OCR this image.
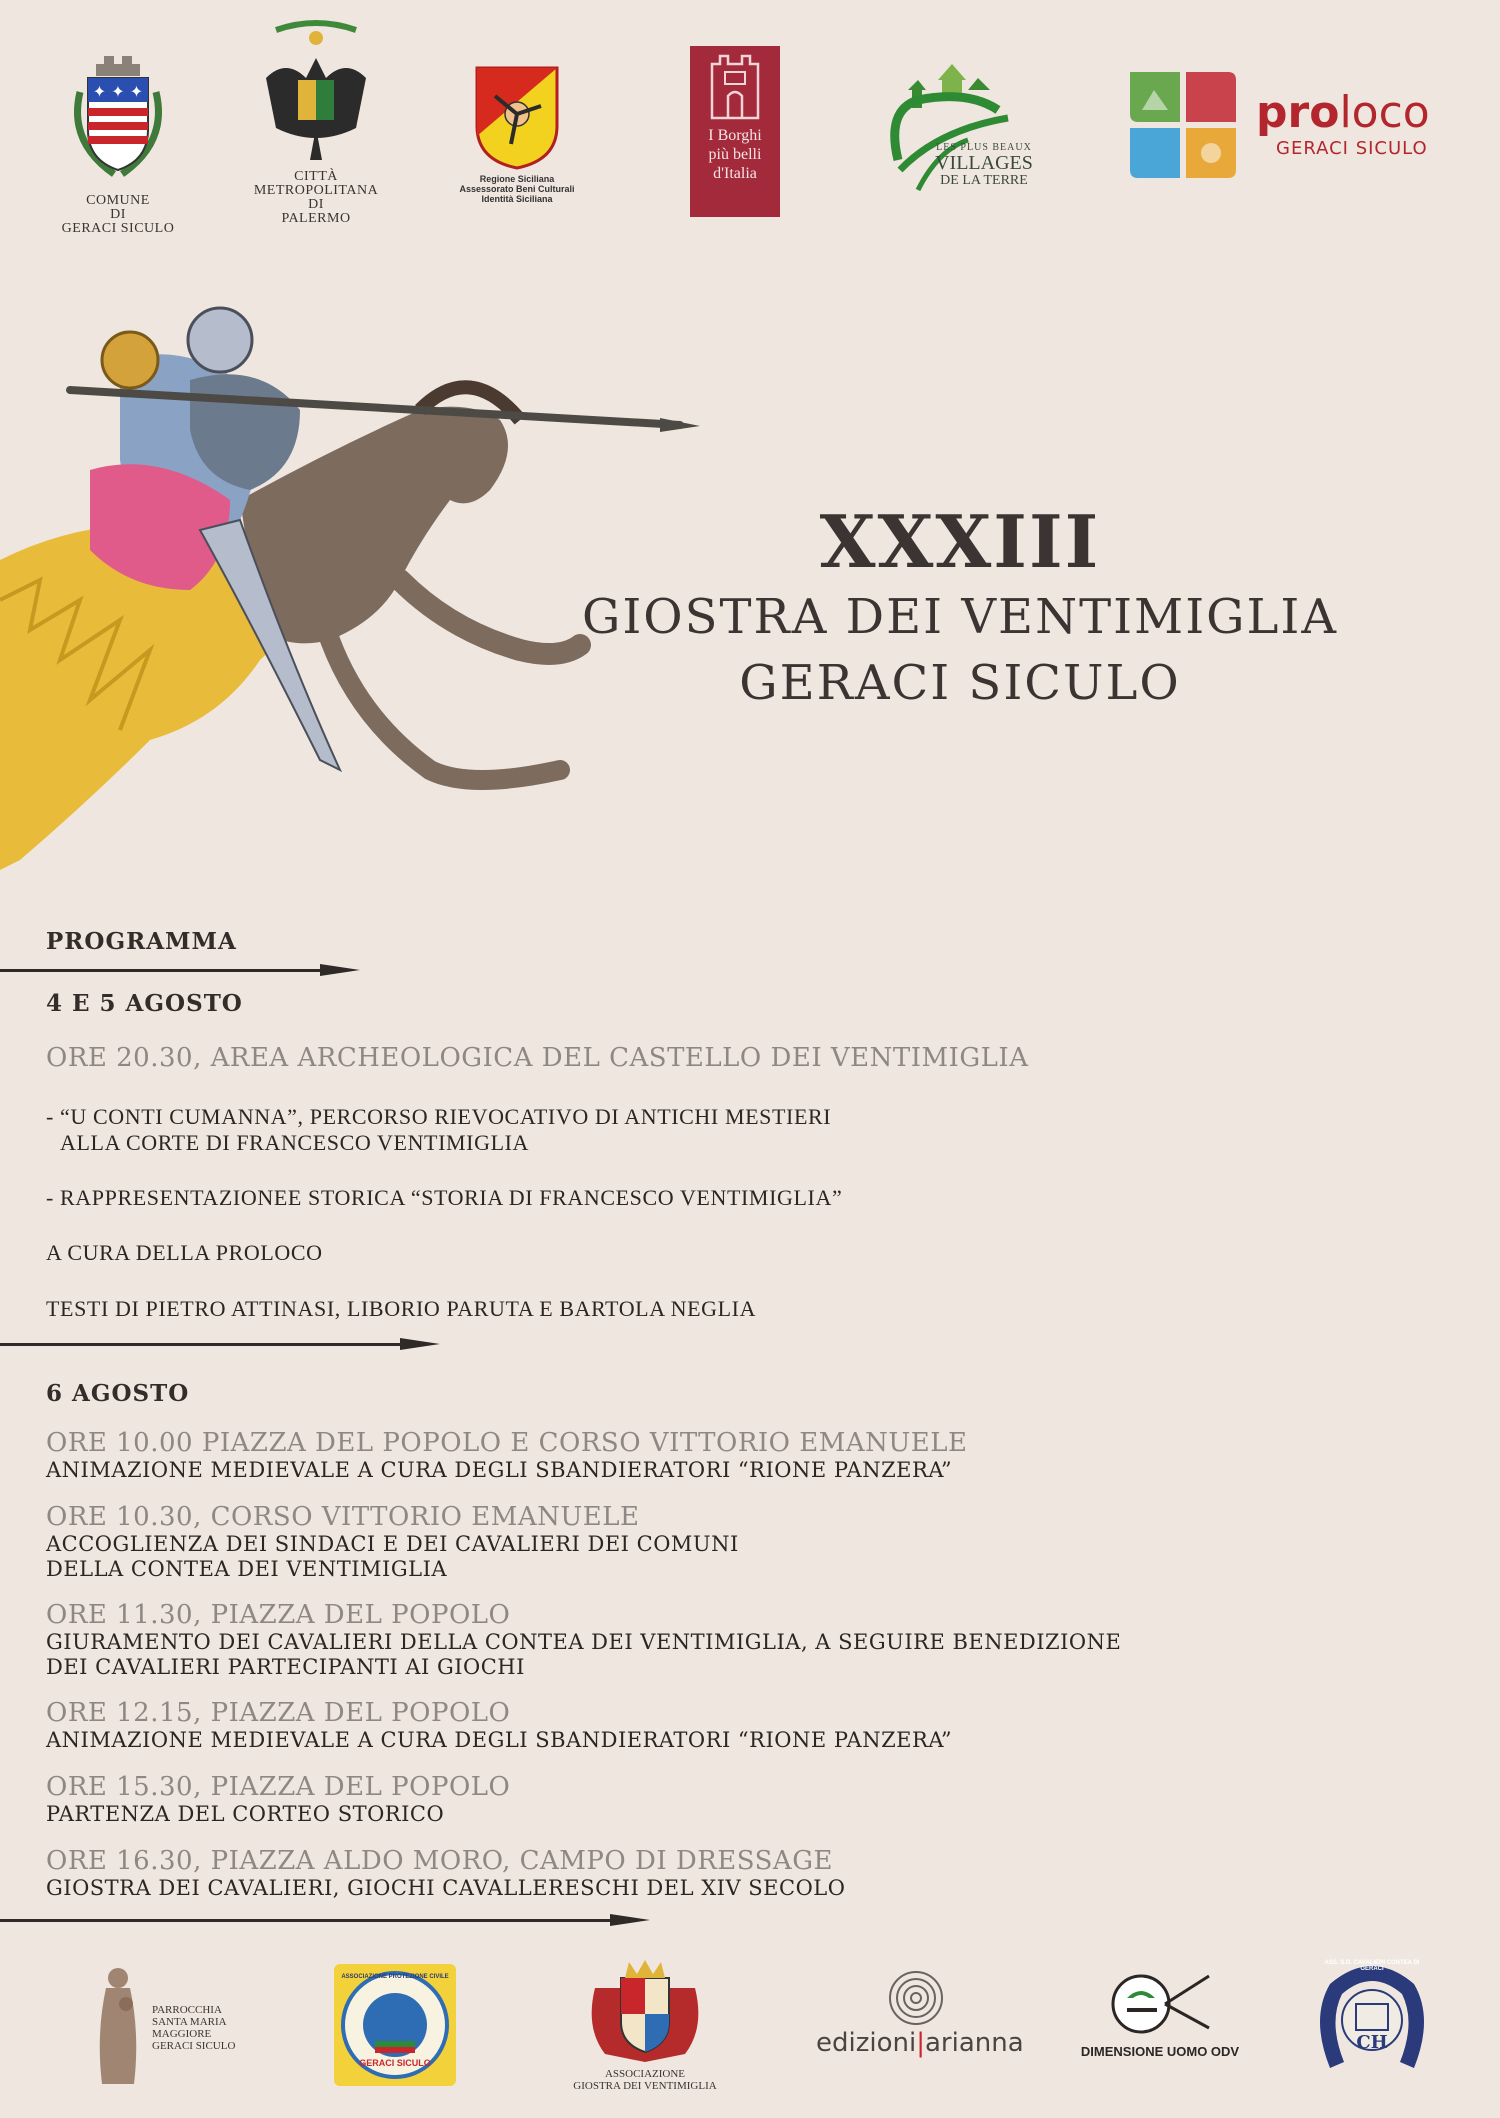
✦ ✦ ✦
COMUNE
DI
GERACI SICULO
CITTÀ
METROPOLITANA
DI
PALERMO
Regione Siciliana
Assessorato Beni Culturali
Identità Siciliana
I Borghi
più belli
d'Italia
LES PLUS BEAUX
VILLAGES
DE LA TERRE
proloco
GERACI SICULO
XXXIII
GIOSTRA DEI VENTIMIGLIA
GERACI SICULO
PROGRAMMA
4 E 5 AGOSTO
ORE 20.30, AREA ARCHEOLOGICA DEL CASTELLO DEI VENTIMIGLIA
- “U CONTI CUMANNA”, PERCORSO RIEVOCATIVO DI ANTICHI MESTIERI
ALLA CORTE DI FRANCESCO VENTIMIGLIA
- RAPPRESENTAZIONEE STORICA “STORIA DI FRANCESCO VENTIMIGLIA”
A CURA DELLA PROLOCO
TESTI DI PIETRO ATTINASI, LIBORIO PARUTA E BARTOLA NEGLIA
6 AGOSTO
ORE 10.00 PIAZZA DEL POPOLO E CORSO VITTORIO EMANUELE
ANIMAZIONE MEDIEVALE A CURA DEGLI SBANDIERATORI “RIONE PANZERA”
ORE 10.30, CORSO VITTORIO EMANUELE
ACCOGLIENZA DEI SINDACI E DEI CAVALIERI DEI COMUNI
DELLA CONTEA DEI VENTIMIGLIA
ORE 11.30, PIAZZA DEL POPOLO
GIURAMENTO DEI CAVALIERI DELLA CONTEA DEI VENTIMIGLIA, A SEGUIRE BENEDIZIONE
DEI CAVALIERI PARTECIPANTI AI GIOCHI
ORE 12.15, PIAZZA DEL POPOLO
ANIMAZIONE MEDIEVALE A CURA DEGLI SBANDIERATORI “RIONE PANZERA”
ORE 15.30, PIAZZA DEL POPOLO
PARTENZA DEL CORTEO STORICO
ORE 16.30, PIAZZA ALDO MORO, CAMPO DI DRESSAGE
GIOSTRA DEI CAVALIERI, GIOCHI CAVALLERESCHI DEL XIV SECOLO
PARROCCHIA
SANTA MARIA
MAGGIORE
GERACI SICULO
ASSOCIAZIONE PROTEZIONE CIVILE
GERACI SICULO
ASSOCIAZIONE
GIOSTRA DEI VENTIMIGLIA
edizioni|arianna	DIMENSIONE UOMO ODV
ASS. S.D. CAVALIERI CONTEA DI GERACI
CH
